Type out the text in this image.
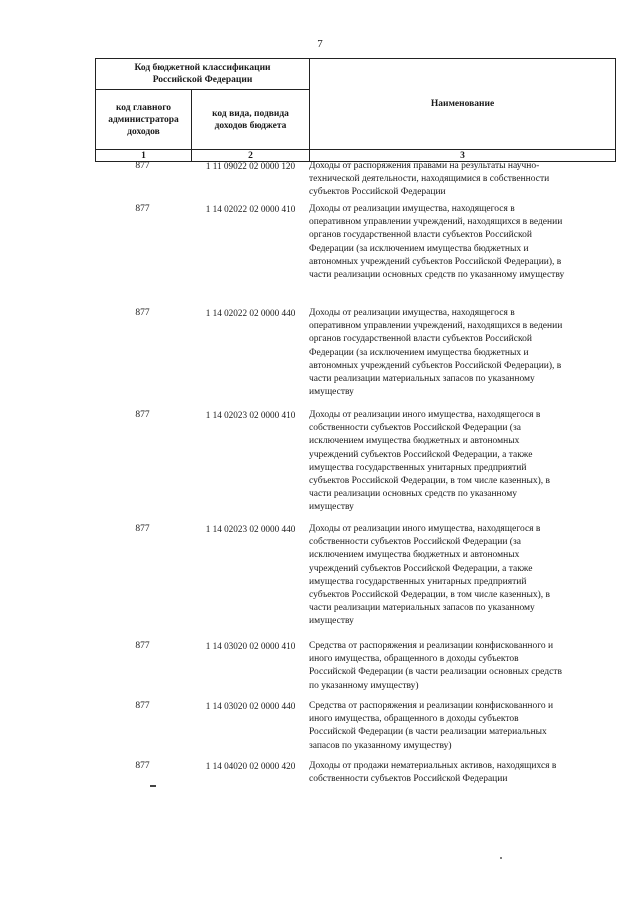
7
Код бюджетной классификации Российской Федерации
код главного администратора доходов
код вида, подвида доходов бюджета
Наименование
1	2	3
877	1 11 09022 02 0000 120	Доходы от распоряжения правами на результаты научно-
технической деятельности, находящимися в собственности
субъектов Российской Федерации
877	1 14 02022 02 0000 410	Доходы от реализации имущества, находящегося в
оперативном управлении учреждений, находящихся в ведении
органов государственной власти субъектов Российской
Федерации (за исключением имущества бюджетных и
автономных учреждений субъектов Российской Федерации), в
части реализации основных средств по указанному имуществу
877	1 14 02022 02 0000 440	Доходы от реализации имущества, находящегося в
оперативном управлении учреждений, находящихся в ведении
органов государственной власти субъектов Российской
Федерации (за исключением имущества бюджетных и
автономных учреждений субъектов Российской Федерации), в
части реализации материальных запасов по указанному
имуществу
877	1 14 02023 02 0000 410	Доходы от реализации иного имущества, находящегося в
собственности субъектов Российской Федерации (за
исключением имущества бюджетных и автономных
учреждений субъектов Российской Федерации, а также
имущества государственных унитарных предприятий
субъектов Российской Федерации, в том числе казенных), в
части реализации основных средств по указанному
имуществу
877	1 14 02023 02 0000 440	Доходы от реализации иного имущества, находящегося в
собственности субъектов Российской Федерации (за
исключением имущества бюджетных и автономных
учреждений субъектов Российской Федерации, а также
имущества государственных унитарных предприятий
субъектов Российской Федерации, в том числе казенных), в
части реализации материальных запасов по указанному
имуществу
877	1 14 03020 02 0000 410	Средства от распоряжения и реализации конфискованного и
иного имущества, обращенного в доходы субъектов
Российской Федерации (в части реализации основных средств
по указанному имуществу)
877	1 14 03020 02 0000 440	Средства от распоряжения и реализации конфискованного и
иного имущества, обращенного в доходы субъектов
Российской Федерации (в части реализации материальных
запасов по указанному имуществу)
877	1 14 04020 02 0000 420	Доходы от продажи нематериальных активов, находящихся в
собственности субъектов Российской Федерации
